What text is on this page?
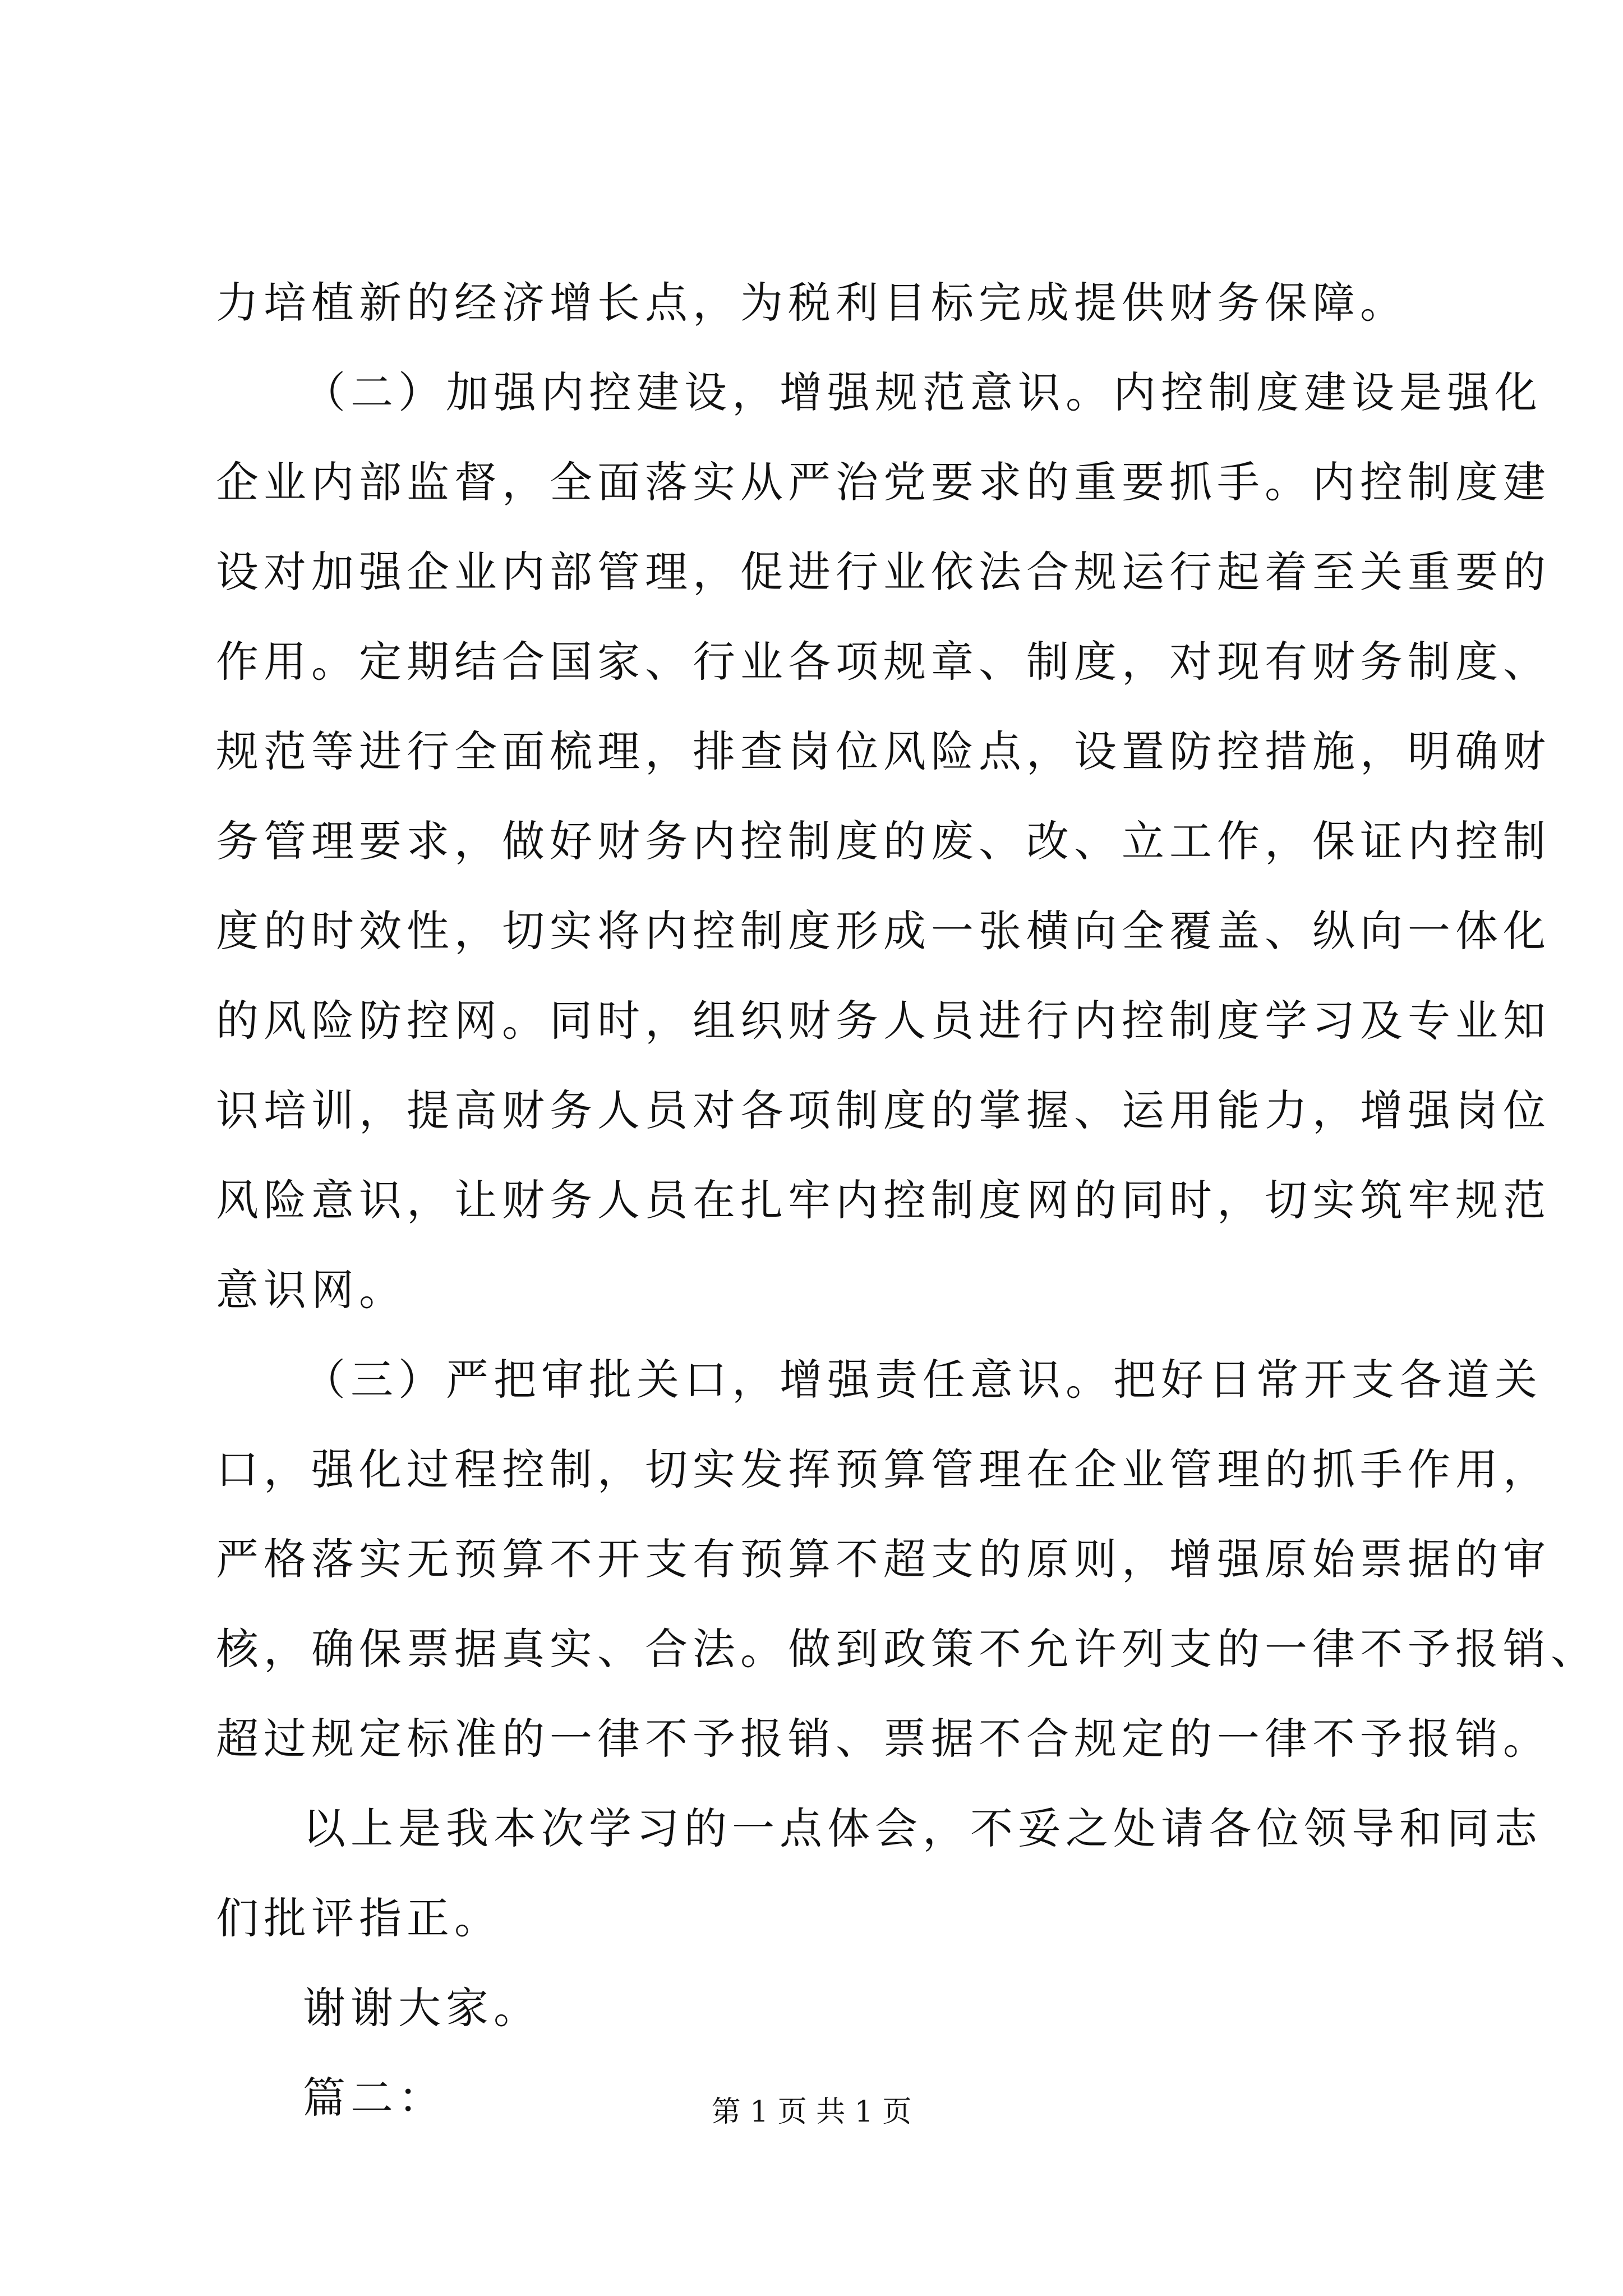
力培植新的经济增长点，为税利目标完成提供财务保障。
（二）加强内控建设，增强规范意识。内控制度建设是强化
企业内部监督，全面落实从严治党要求的重要抓手。内控制度建
设对加强企业内部管理，促进行业依法合规运行起着至关重要的
作用。定期结合国家、行业各项规章、制度，对现有财务制度、
规范等进行全面梳理，排查岗位风险点，设置防控措施，明确财
务管理要求，做好财务内控制度的废、改、立工作，保证内控制
度的时效性，切实将内控制度形成一张横向全覆盖、纵向一体化
的风险防控网。同时，组织财务人员进行内控制度学习及专业知
识培训，提高财务人员对各项制度的掌握、运用能力，增强岗位
风险意识，让财务人员在扎牢内控制度网的同时，切实筑牢规范
意识网。
（三）严把审批关口，增强责任意识。把好日常开支各道关
口，强化过程控制，切实发挥预算管理在企业管理的抓手作用，
严格落实无预算不开支有预算不超支的原则，增强原始票据的审
核，确保票据真实、合法。做到政策不允许列支的一律不予报销、
超过规定标准的一律不予报销、票据不合规定的一律不予报销。
以上是我本次学习的一点体会，不妥之处请各位领导和同志
们批评指正。
谢谢大家。
篇二：	第 1 页 共 1 页
